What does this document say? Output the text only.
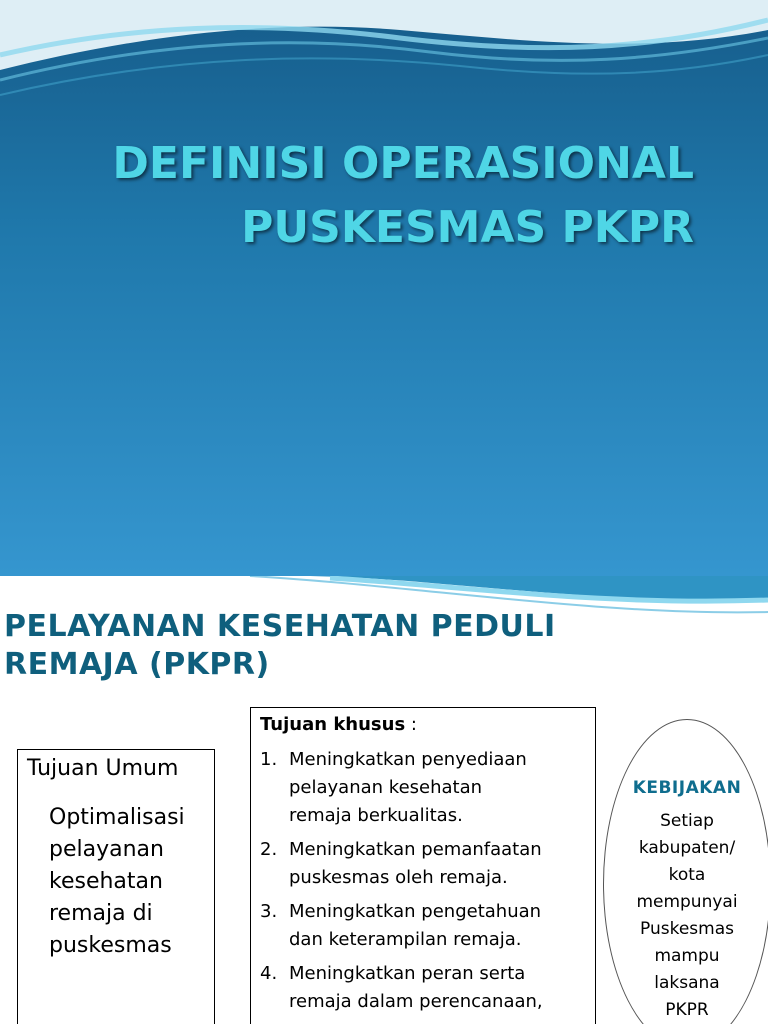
DEFINISI OPERASIONAL
PUSKESMAS PKPR
PELAYANAN KESEHATAN PEDULI
REMAJA (PKPR)
Tujuan Umum
Optimalisasi
pelayanan
kesehatan
remaja di
puskesmas
Tujuan khusus :
1. Meningkatkan penyediaan
pelayanan kesehatan
remaja berkualitas.
2. Meningkatkan pemanfaatan
puskesmas oleh remaja.
3. Meningkatkan pengetahuan
dan keterampilan remaja.
4. Meningkatkan peran serta
remaja dalam perencanaan,
KEBIJAKAN
Setiap
kabupaten/
kota
mempunyai
Puskesmas
mampu
laksana
PKPR
